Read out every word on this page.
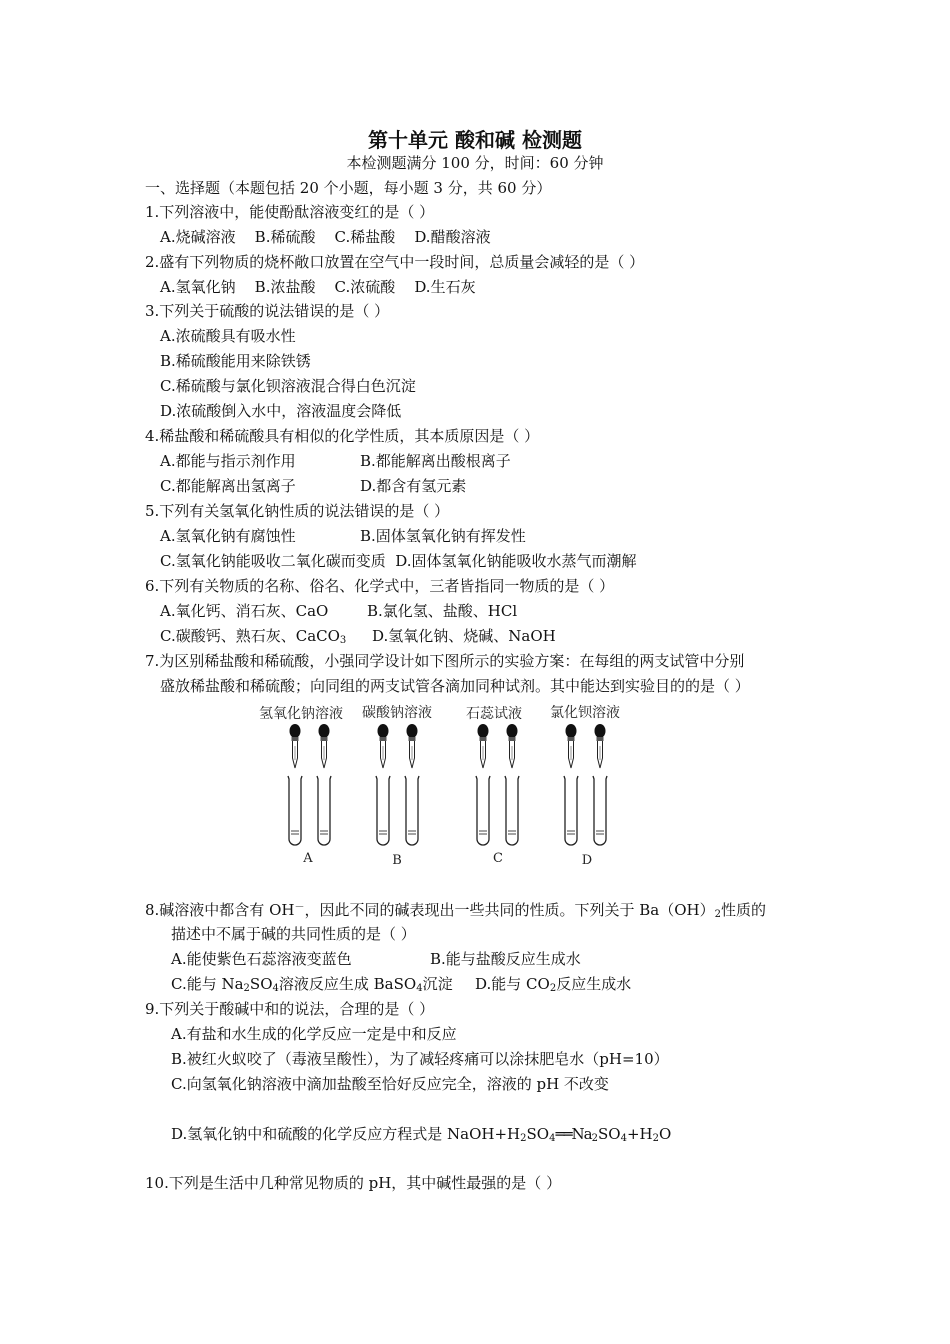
第十单元 酸和碱 检测题
本检测题满分 100 分，时间：60 分钟
一、选择题（本题包括 20 个小题，每小题 3 分，共 60 分）
1.下列溶液中，能使酚酞溶液变红的是（ ）
A.烧碱溶液    B.稀硫酸    C.稀盐酸    D.醋酸溶液
2.盛有下列物质的烧杯敞口放置在空气中一段时间，总质量会减轻的是（ ）
A.氢氧化钠    B.浓盐酸    C.浓硫酸    D.生石灰
3.下列关于硫酸的说法错误的是（ ）
A.浓硫酸具有吸水性
B.稀硫酸能用来除铁锈
C.稀硫酸与氯化钡溶液混合得白色沉淀
D.浓硫酸倒入水中，溶液温度会降低
4.稀盐酸和稀硫酸具有相似的化学性质，其本质原因是（ ）
A.都能与指示剂作用	B.都能解离出酸根离子
C.都能解离出氢离子	D.都含有氢元素
5.下列有关氢氧化钠性质的说法错误的是（ ）
A.氢氧化钠有腐蚀性	B.固体氢氧化钠有挥发性
C.氢氧化钠能吸收二氧化碳而变质  D.固体氢氧化钠能吸收水蒸气而潮解
6.下列有关物质的名称、俗名、化学式中，三者皆指同一物质的是（ ）
A.氧化钙、消石灰、CaO	B.氯化氢、盐酸、HCl
C.碳酸钙、熟石灰、CaCO$_3$ D.氢氧化钠、烧碱、NaOH
7.为区别稀盐酸和稀硫酸，小强同学设计如下图所示的实验方案：在每组的两支试管中分别
盛放稀盐酸和稀硫酸；向同组的两支试管各滴加同种试剂。其中能达到实验目的的是（ ）
氢氧化钠溶液 碳酸钠溶液 石蕊试液 氯化钡溶液
A	B	C	D
8.碱溶液中都含有 OH－，因此不同的碱表现出一些共同的性质。下列关于 $Ba(OH)_2$性质的
描述中不属于碱的共同性质的是（ ）
A.能使紫色石蕊溶液变蓝色	B.能与盐酸反应生成水
C.能与 $Na_2SO_4$溶液反应生成 BaSO$_4$沉淀 D.能与 $CO_2$反应生成水
9.下列关于酸碱中和的说法，合理的是（ ）
A.有盐和水生成的化学反应一定是中和反应
B.被红火蚁咬了（毒液呈酸性），为了减轻疼痛可以涂抹肥皂水（pH=10）
C.向氢氧化钠溶液中滴加盐酸至恰好反应完全，溶液的 pH 不改变
D.氢氧化钠中和硫酸的化学反应方程式是 $NaOH+H_2SO_4══Na_2SO_4+H_2O$
10.下列是生活中几种常见物质的 pH，其中碱性最强的是（ ）
